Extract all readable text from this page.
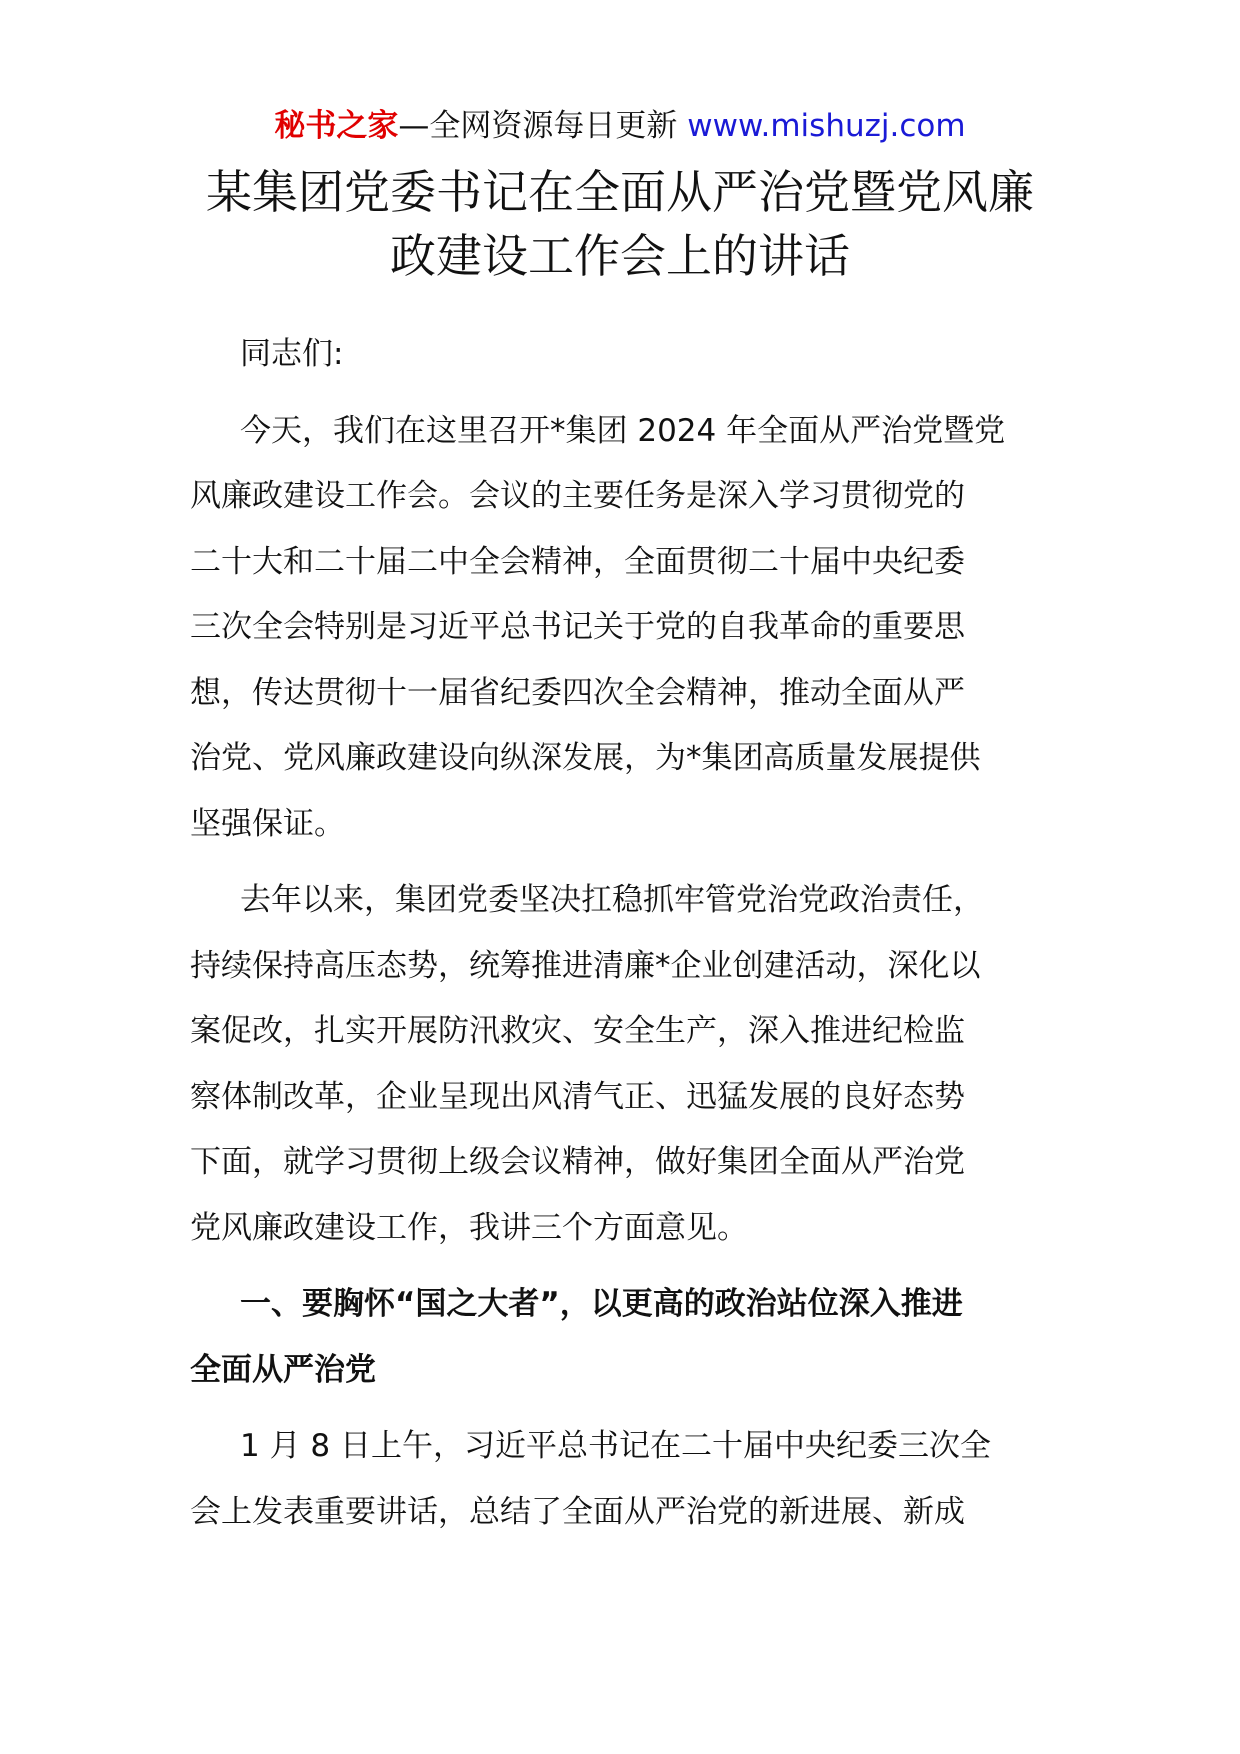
秘书之家—全网资源每日更新 www.mishuzj.com
某集团党委书记在全面从严治党暨党风廉
政建设工作会上的讲话

同志们:

今天，我们在这里召开*集团 2024 年全面从严治党暨党
风廉政建设工作会。会议的主要任务是深入学习贯彻党的
二十大和二十届二中全会精神，全面贯彻二十届中央纪委
三次全会特别是习近平总书记关于党的自我革命的重要思
想，传达贯彻十一届省纪委四次全会精神，推动全面从严
治党、党风廉政建设向纵深发展，为*集团高质量发展提供
坚强保证。

去年以来，集团党委坚决扛稳抓牢管党治党政治责任，
持续保持高压态势，统筹推进清廉*企业创建活动，深化以
案促改，扎实开展防汛救灾、安全生产，深入推进纪检监
察体制改革，企业呈现出风清气正、迅猛发展的良好态势
下面，就学习贯彻上级会议精神，做好集团全面从严治党
党风廉政建设工作，我讲三个方面意见。

一、要胸怀“国之大者”，以更高的政治站位深入推进
全面从严治党

1 月 8 日上午，习近平总书记在二十届中央纪委三次全
会上发表重要讲话，总结了全面从严治党的新进展、新成
